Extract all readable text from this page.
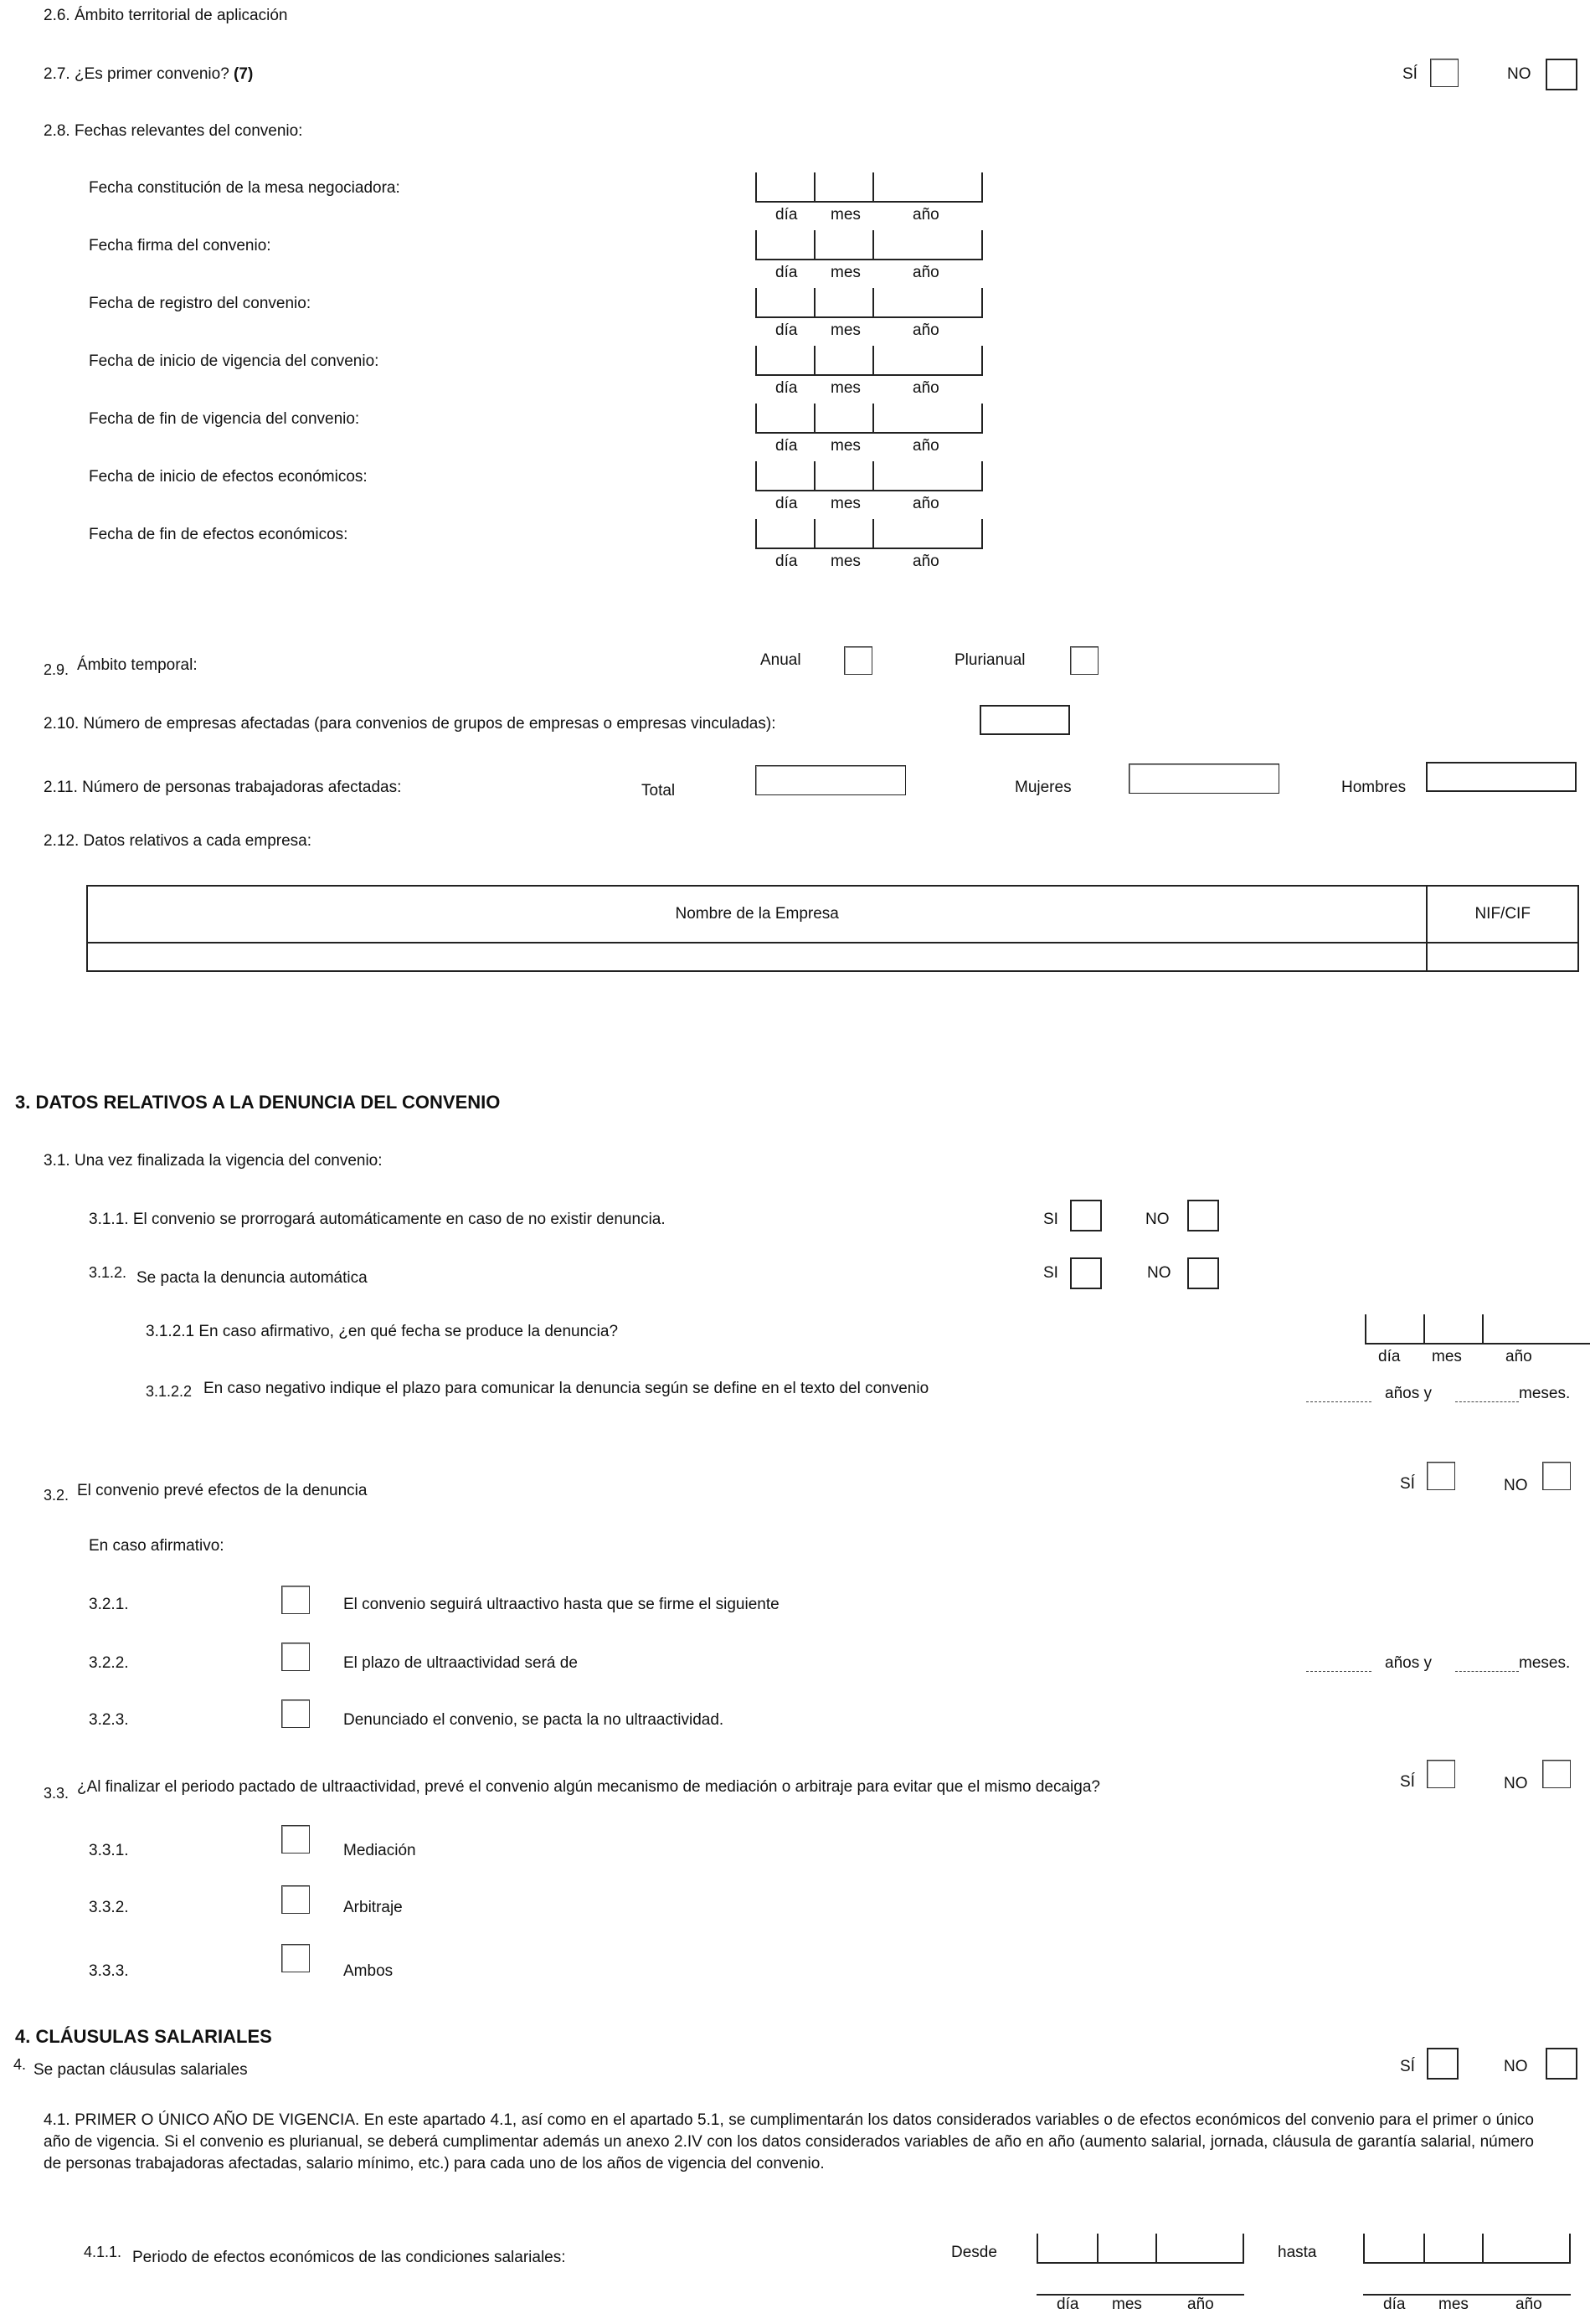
2.6. Ámbito territorial de aplicación
2.7. ¿Es primer convenio? (7)	SÍ	NO
2.8. Fechas relevantes del convenio:
Fecha constitución de la mesa negociadora:
día mes	año
Fecha firma del convenio:
día mes	año
Fecha de registro del convenio:
día mes	año
Fecha de inicio de vigencia del convenio:
día mes	año
Fecha de fin de vigencia del convenio:
día mes	año
Fecha de inicio de efectos económicos:
día mes	año
Fecha de fin de efectos económicos:
día mes	año
2.9. Ámbito temporal:	Anual	Plurianual
2.10. Número de empresas afectadas (para convenios de grupos de empresas o empresas vinculadas):
2.11. Número de personas trabajadoras afectadas:	Total	Mujeres	Hombres
2.12. Datos relativos a cada empresa:
Nombre de la Empresa	NIF/CIF

3. DATOS RELATIVOS A LA DENUNCIA DEL CONVENIO
3.1. Una vez finalizada la vigencia del convenio:
3.1.1. El convenio se prorrogará automáticamente en caso de no existir denuncia.	SI	NO
3.1.2. Se pacta la denuncia automática	SI	NO
3.1.2.1 En caso afirmativo, ¿en qué fecha se produce la denuncia?
día mes	año
3.1.2.2 En caso negativo indique el plazo para comunicar la denuncia según se define en el texto del convenio	años y	meses.
3.2. El convenio prevé efectos de la denuncia	SÍ	NO
En caso afirmativo:
3.2.1.	El convenio seguirá ultraactivo hasta que se firme el siguiente
3.2.2.	El plazo de ultraactividad será de	años y	meses.
3.2.3.	Denunciado el convenio, se pacta la no ultraactividad.
3.3. ¿Al finalizar el periodo pactado de ultraactividad, prevé el convenio algún mecanismo de mediación o arbitraje para evitar que el mismo decaiga?	SÍ	NO
3.3.1.	Mediación
3.3.2.	Arbitraje
3.3.3.	Ambos
4. CLÁUSULAS SALARIALES
4. Se pactan cláusulas salariales	SÍ	NO
4.1. PRIMER O ÚNICO AÑO DE VIGENCIA. En este apartado 4.1, así como en el apartado 5.1, se cumplimentarán los datos considerados variables o de efectos económicos del convenio para el primer o único año de vigencia. Si el convenio es plurianual, se deberá cumplimentar además un anexo 2.IV con los datos considerados variables de año en año (aumento salarial, jornada, cláusula de garantía salarial, número de personas trabajadoras afectadas, salario mínimo, etc.) para cada uno de los años de vigencia del convenio.
4.1.1. Periodo de efectos económicos de las condiciones salariales:	Desde	hasta
día mes	año	día mes	año
